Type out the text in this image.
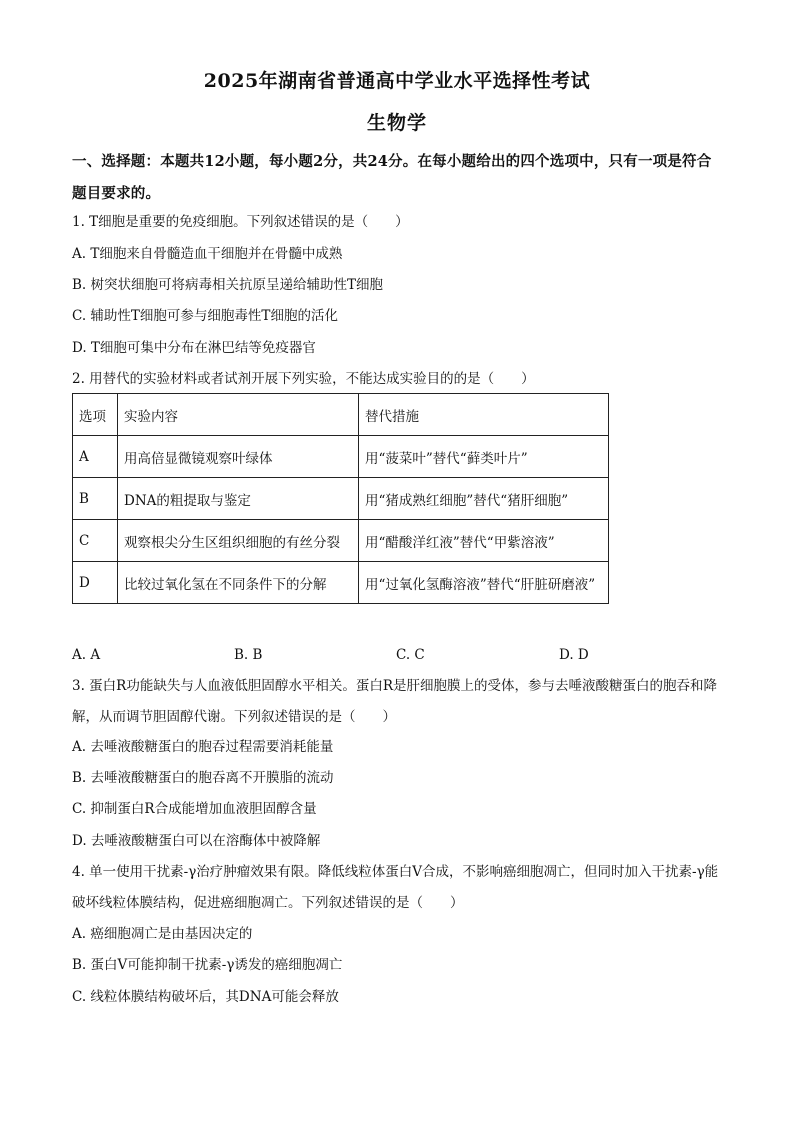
2025年湖南省普通高中学业水平选择性考试
生物学
一、选择题：本题共12小题，每小题2分，共24分。在每小题给出的四个选项中，只有一项是符合题目要求的。
1. T细胞是重要的免疫细胞。下列叙述错误的是（　　）
A. T细胞来自骨髓造血干细胞并在骨髓中成熟
B. 树突状细胞可将病毒相关抗原呈递给辅助性T细胞
C. 辅助性T细胞可参与细胞毒性T细胞的活化
D. T细胞可集中分布在淋巴结等免疫器官
2. 用替代的实验材料或者试剂开展下列实验，不能达成实验目的的是（　　）
选项	实验内容	替代措施
A	用高倍显微镜观察叶绿体	用“菠菜叶”替代“藓类叶片”
B	DNA的粗提取与鉴定	用“猪成熟红细胞”替代“猪肝细胞”
C	观察根尖分生区组织细胞的有丝分裂	用“醋酸洋红液”替代“甲紫溶液”
D	比较过氧化氢在不同条件下的分解	用“过氧化氢酶溶液”替代“肝脏研磨液”
A. A	B. B	C. C	D. D
3. 蛋白R功能缺失与人血液低胆固醇水平相关。蛋白R是肝细胞膜上的受体，参与去唾液酸糖蛋白的胞吞和降解，从而调节胆固醇代谢。下列叙述错误的是（　　）
A. 去唾液酸糖蛋白的胞吞过程需要消耗能量
B. 去唾液酸糖蛋白的胞吞离不开膜脂的流动
C. 抑制蛋白R合成能增加血液胆固醇含量
D. 去唾液酸糖蛋白可以在溶酶体中被降解
4. 单一使用干扰素-γ治疗肿瘤效果有限。降低线粒体蛋白V合成，不影响癌细胞凋亡，但同时加入干扰素-γ能破坏线粒体膜结构，促进癌细胞凋亡。下列叙述错误的是（　　）
A. 癌细胞凋亡是由基因决定的
B. 蛋白V可能抑制干扰素-γ诱发的癌细胞凋亡
C. 线粒体膜结构破坏后，其DNA可能会释放
